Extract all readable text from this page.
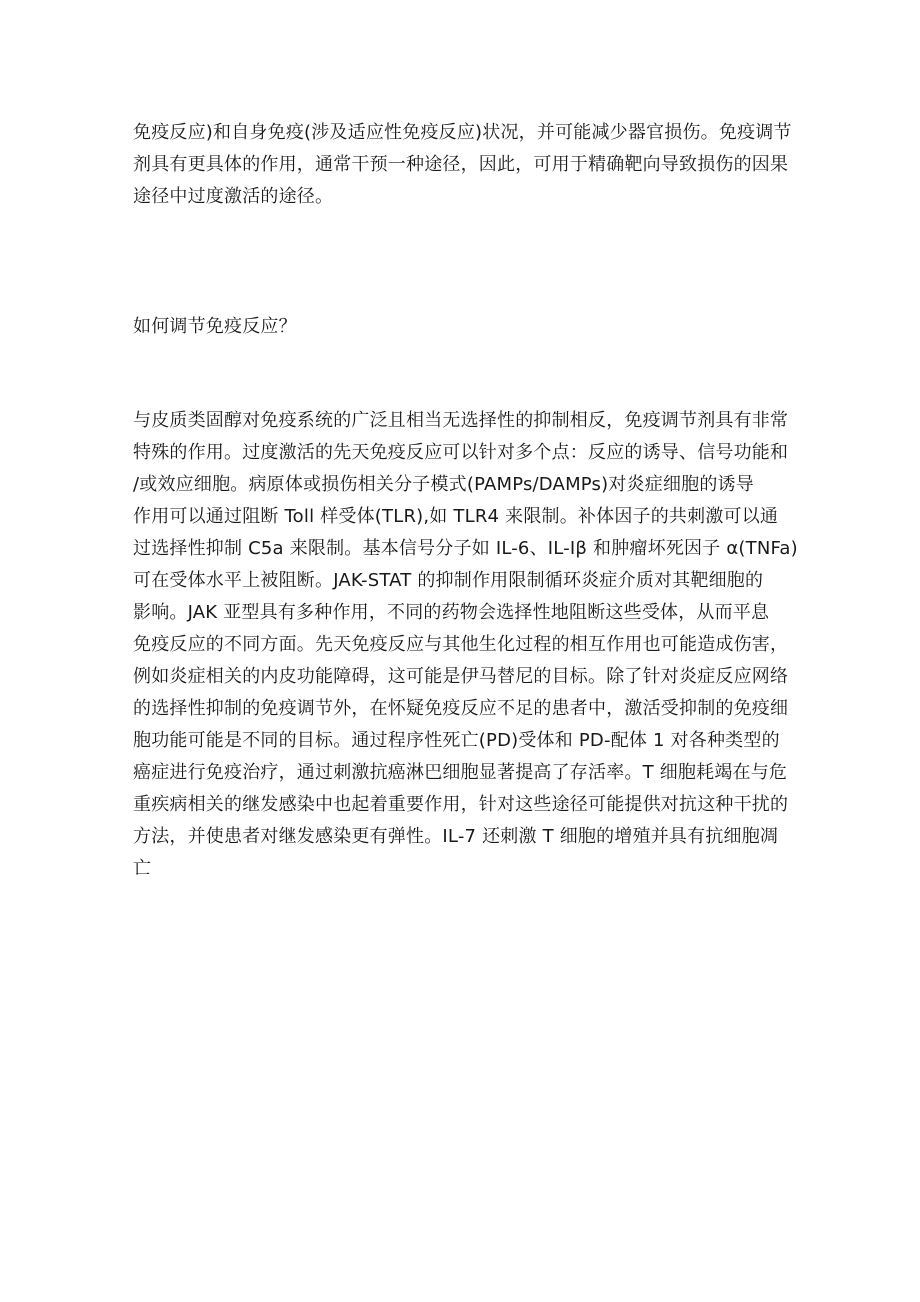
免疫反应)和自身免疫(涉及适应性免疫反应)状况，并可能减少器官损伤。免疫调节
剂具有更具体的作用，通常干预一种途径，因此，可用于精确靶向导致损伤的因果
途径中过度激活的途径。
如何调节免疫反应？
与皮质类固醇对免疫系统的广泛且相当无选择性的抑制相反，免疫调节剂具有非常
特殊的作用。过度激活的先天免疫反应可以针对多个点：反应的诱导、信号功能和
/或效应细胞。病原体或损伤相关分子模式(PAMPs/DAMPs)对炎症细胞的诱导
作用可以通过阻断 Toll 样受体(TLR),如 TLR4 来限制。补体因子的共刺激可以通
过选择性抑制 C5a 来限制。基本信号分子如 IL-6、IL-Iβ 和肿瘤坏死因子 α(TNFa)
可在受体水平上被阻断。JAK-STAT 的抑制作用限制循环炎症介质对其靶细胞的
影响。JAK 亚型具有多种作用，不同的药物会选择性地阻断这些受体，从而平息
免疫反应的不同方面。先天免疫反应与其他生化过程的相互作用也可能造成伤害，
例如炎症相关的内皮功能障碍，这可能是伊马替尼的目标。除了针对炎症反应网络
的选择性抑制的免疫调节外，在怀疑免疫反应不足的患者中，激活受抑制的免疫细
胞功能可能是不同的目标。通过程序性死亡(PD)受体和 PD-配体 1 对各种类型的
癌症进行免疫治疗，通过刺激抗癌淋巴细胞显著提高了存活率。T 细胞耗竭在与危
重疾病相关的继发感染中也起着重要作用，针对这些途径可能提供对抗这种干扰的
方法，并使患者对继发感染更有弹性。IL-7 还刺激 T 细胞的增殖并具有抗细胞凋
亡
